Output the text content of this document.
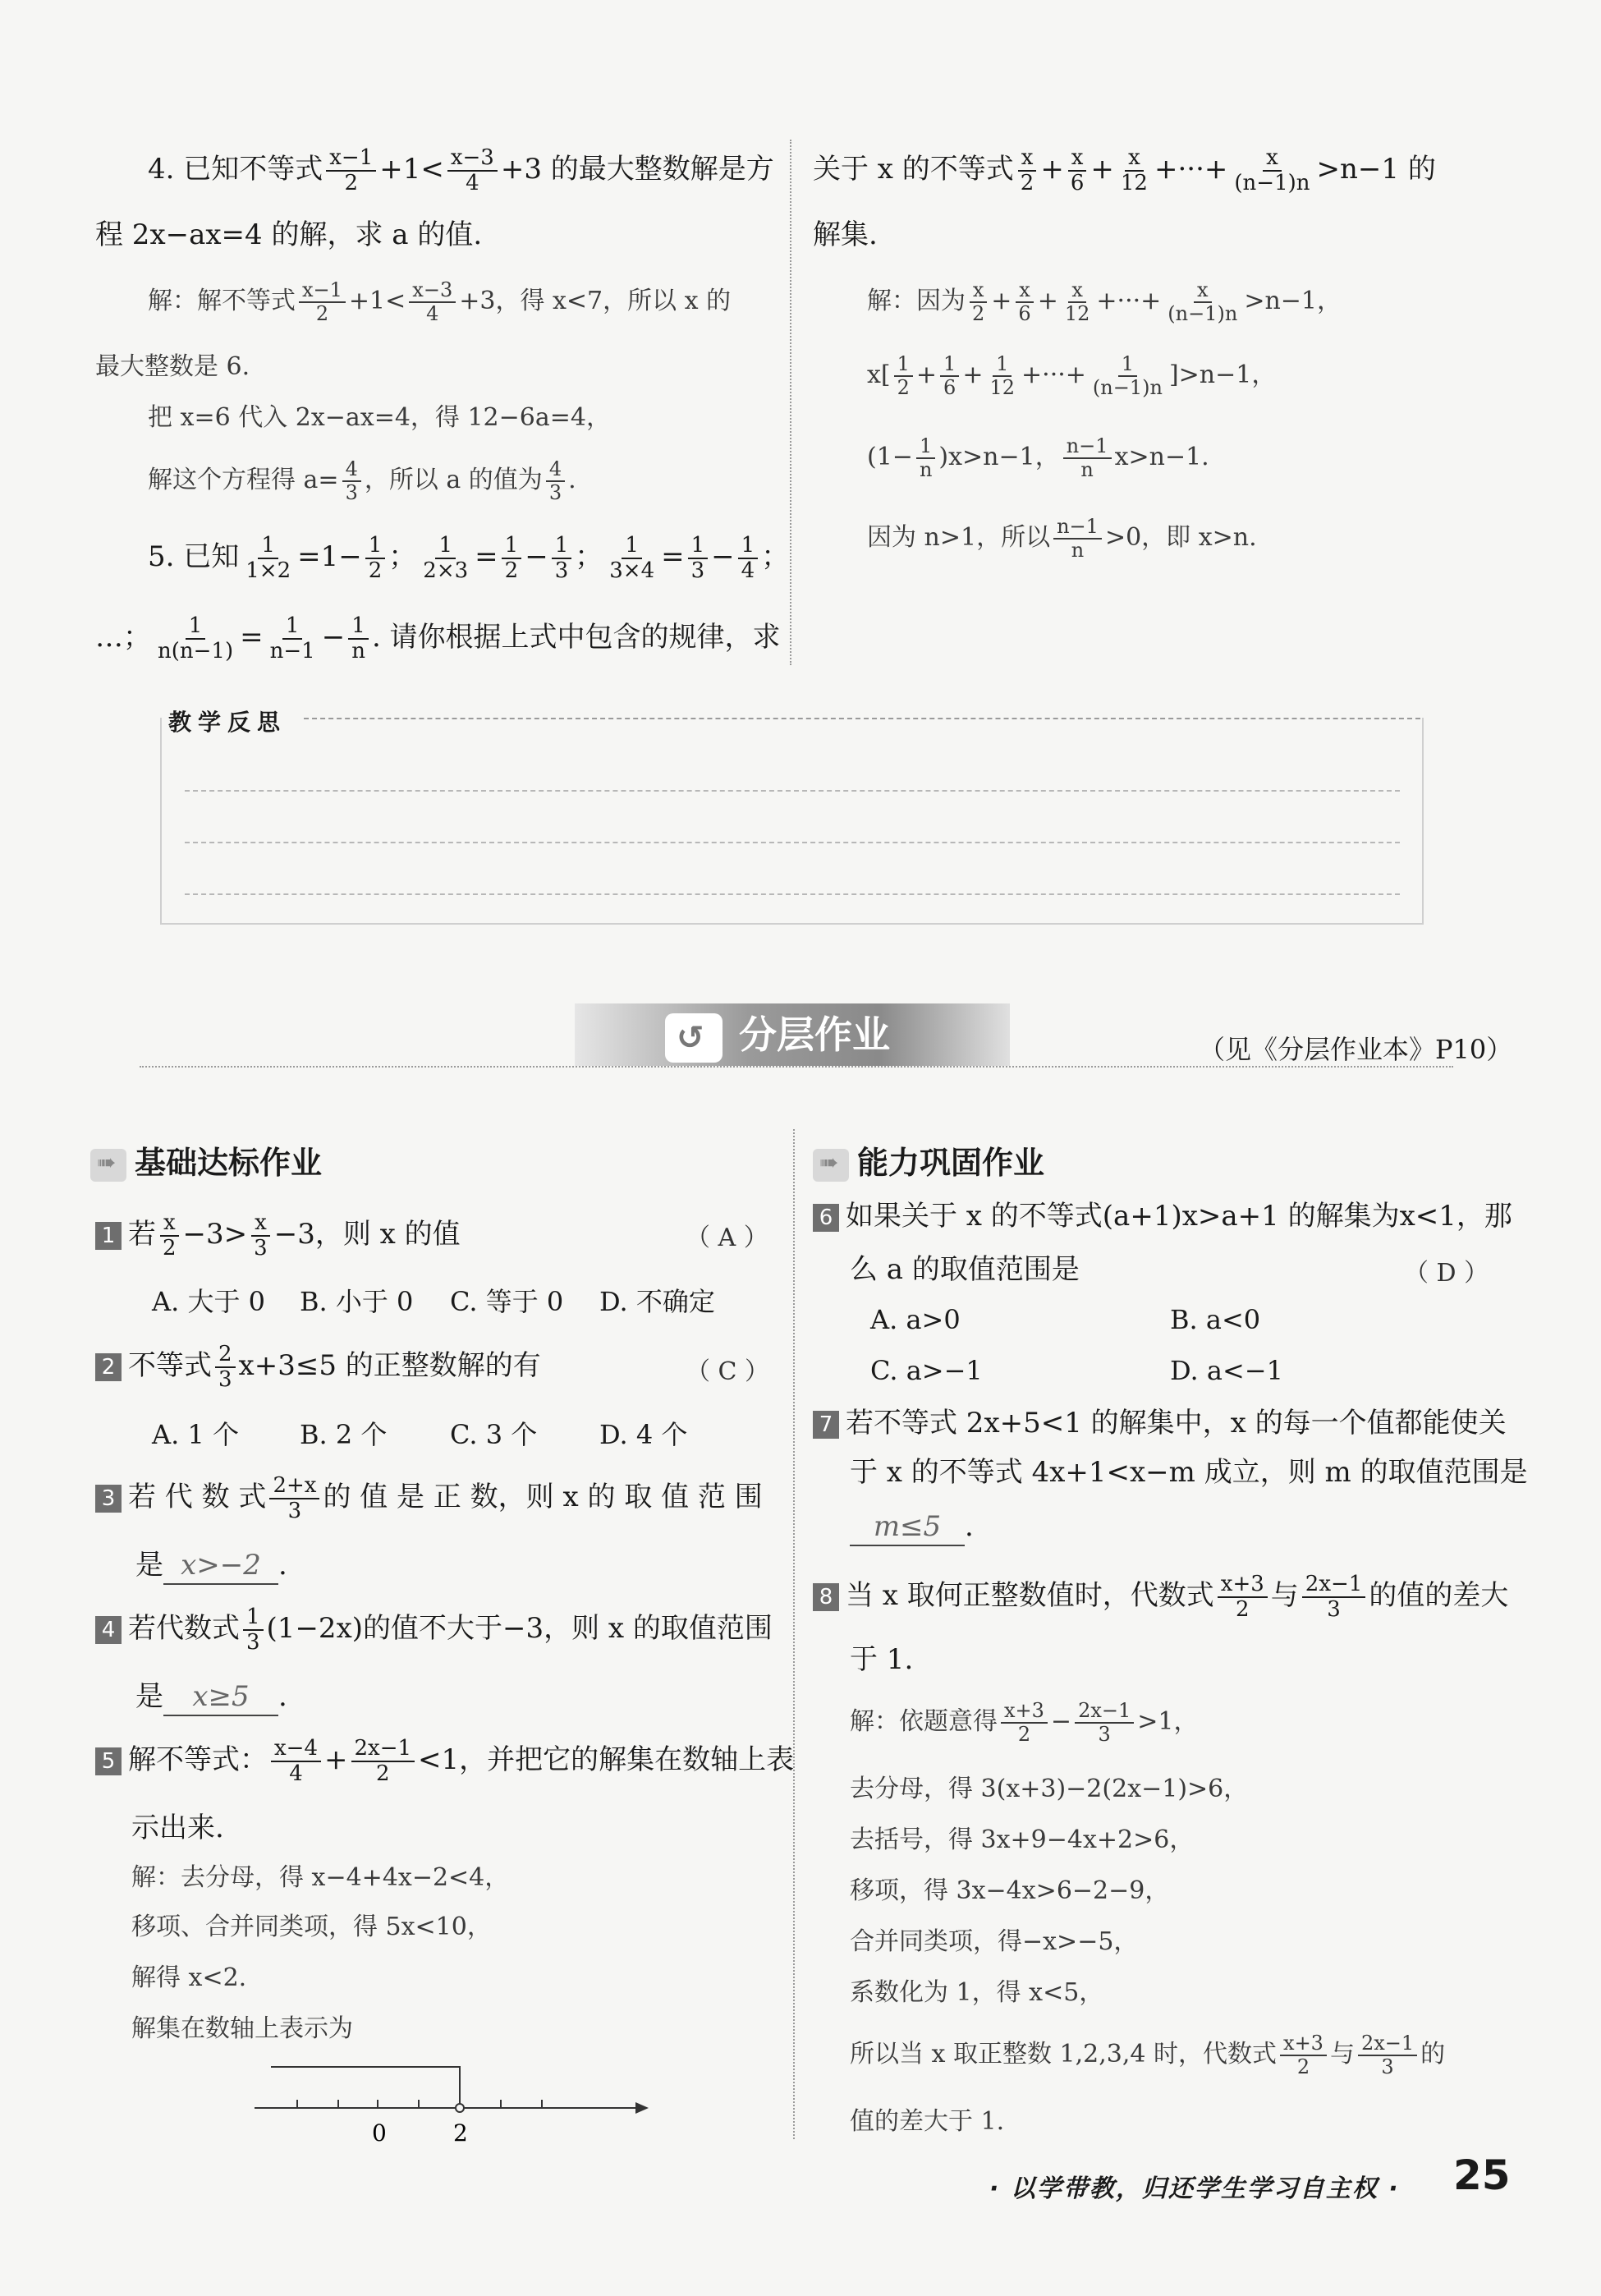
4. 已知不等式 $\frac{x-1}{2} +1< \frac{x-3}{4} +3$ 的最大整数解是方
程 2x−ax=4 的解，求 a 的值.
解：解不等式 $\frac{x-1}{2} +1< \frac{x-3}{4} +3$，得 x<7，所以 x 的
最大整数是 6.
把 x=6 代入 2x−ax=4，得 12−6a=4，
解这个方程得 $a= \frac{4}{3}$ ，所以 a 的值为 $\frac{4}{3}$ .
5. 已知 $\frac{1}{1\times 2} =1- \frac{1}{2}$ ； $\frac{1}{2\times 3} = \frac{1}{2} - \frac{1}{3}$ ； $\frac{1}{3\times 4} = \frac{1}{3} - \frac{1}{4}$ ；
…； $\frac{1}{n(n-1)} = \frac{1}{n-1} - \frac{1}{n}$ . 请你根据上式中包含的规律，求
关于 x 的不等式 $\frac{x}{2} + \frac{x}{6} + \frac{x}{12}$ +···+ $\frac{x}{(n-1)n} >n-1$ 的
解集.
解：因为 $\frac{x}{2} + \frac{x}{6} + \frac{x}{12}$ +···+ $\frac{x}{(n-1)n} >n-1$，
$x[ \frac{1}{2} + \frac{1}{6} + \frac{1}{12}$ +···+ $\frac{1}{(n-1)n} ]>n-1$，
$(1- \frac{1}{n} )x>n-1$， $\frac{n-1}{n} x>n-1$.
因为 n>1，所以 $\frac{n-1}{n} >0$，即 x>n.
教学反思
↺ 分层作业	（见《分层作业本》P10）
➠基础达标作业
1 若 $\frac{x}{2} -3> \frac{x}{3} -3$，则 x 的值	（ A ）
A. 大于 0 B. 小于 0 C. 等于 0 D. 不确定
2 不等式 $\frac{2}{3} x+3\le 5$ 的正整数解的有	（ C ）
A. 1 个 B. 2 个 C. 3 个 D. 4 个
3 若 代 数 式 $\frac{2+x}{3}$ 的 值 是 正 数，则 x 的 取 值 范 围
是 x>−2 .
4 若代数式 $\frac{1}{3} (1-2x)$的值不大于−3，则 x 的取值范围
是 x≥5 .
5 解不等式： $\frac{x-4}{4} + \frac{2x-1}{2} <1$，并把它的解集在数轴上表
示出来.
解：去分母，得 x−4+4x−2<4，
移项、合并同类项，得 5x<10，
解得 x<2.
解集在数轴上表示为
0	2
➠能力巩固作业
6 如果关于 x 的不等式(a+1)x>a+1 的解集为x<1，那
么 a 的取值范围是	（ D ）
A. a>0	B. a<0
C. a>−1	D. a<−1
7 若不等式 2x+5<1 的解集中，x 的每一个值都能使关
于 x 的不等式 4x+1<x−m 成立，则 m 的取值范围是
m≤5 .
8 当 x 取何正整数值时，代数式 $\frac{x+3}{2}$ 与 $\frac{2x-1}{3}$ 的值的差大
于 1.
解：依题意得 $\frac{x+3}{2} - \frac{2x-1}{3} >1$，
去分母，得 3(x+3)−2(2x−1)>6，
去括号，得 3x+9−4x+2>6，
移项，得 3x−4x>6−2−9，
合并同类项，得−x>−5，
系数化为 1，得 x<5，
所以当 x 取正整数 1,2,3,4 时，代数式 $\frac{x+3}{2}$ 与 $\frac{2x-1}{3}$ 的
值的差大于 1.
· 以学带教，归还学生学习自主权 · 25
